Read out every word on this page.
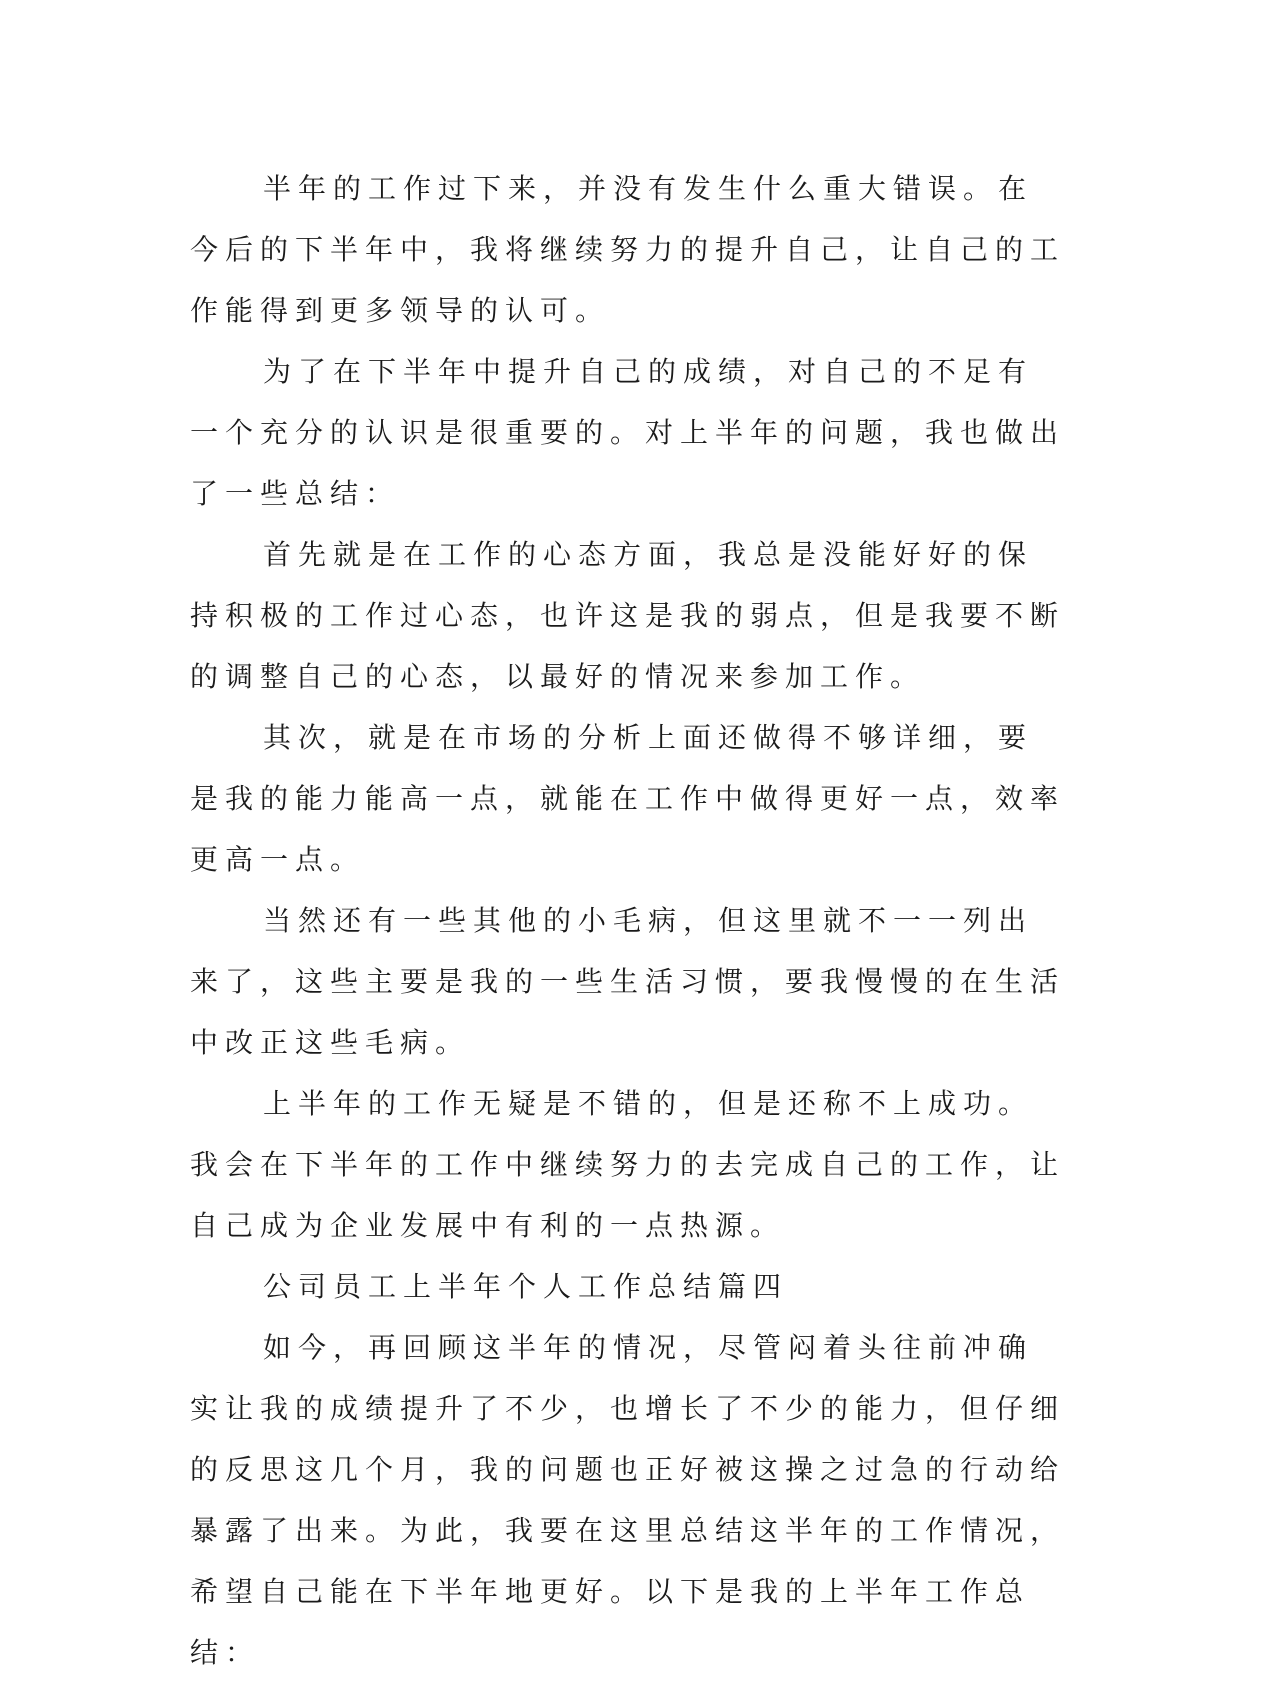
半年的工作过下来，并没有发生什么重大错误。在今后的下半年中，我将继续努力的提升自己，让自己的工作能得到更多领导的认可。

为了在下半年中提升自己的成绩，对自己的不足有一个充分的认识是很重要的。对上半年的问题，我也做出了一些总结：

首先就是在工作的心态方面，我总是没能好好的保持积极的工作过心态，也许这是我的弱点，但是我要不断的调整自己的心态，以最好的情况来参加工作。

其次，就是在市场的分析上面还做得不够详细，要是我的能力能高一点，就能在工作中做得更好一点，效率更高一点。

当然还有一些其他的小毛病，但这里就不一一列出来了，这些主要是我的一些生活习惯，要我慢慢的在生活中改正这些毛病。

上半年的工作无疑是不错的，但是还称不上成功。我会在下半年的工作中继续努力的去完成自己的工作，让自己成为企业发展中有利的一点热源。

公司员工上半年个人工作总结篇四

如今，再回顾这半年的情况，尽管闷着头往前冲确实让我的成绩提升了不少，也增长了不少的能力，但仔细的反思这几个月，我的问题也正好被这操之过急的行动给暴露了出来。为此，我要在这里总结这半年的工作情况，希望自己能在下半年地更好。以下是我的上半年工作总结：
